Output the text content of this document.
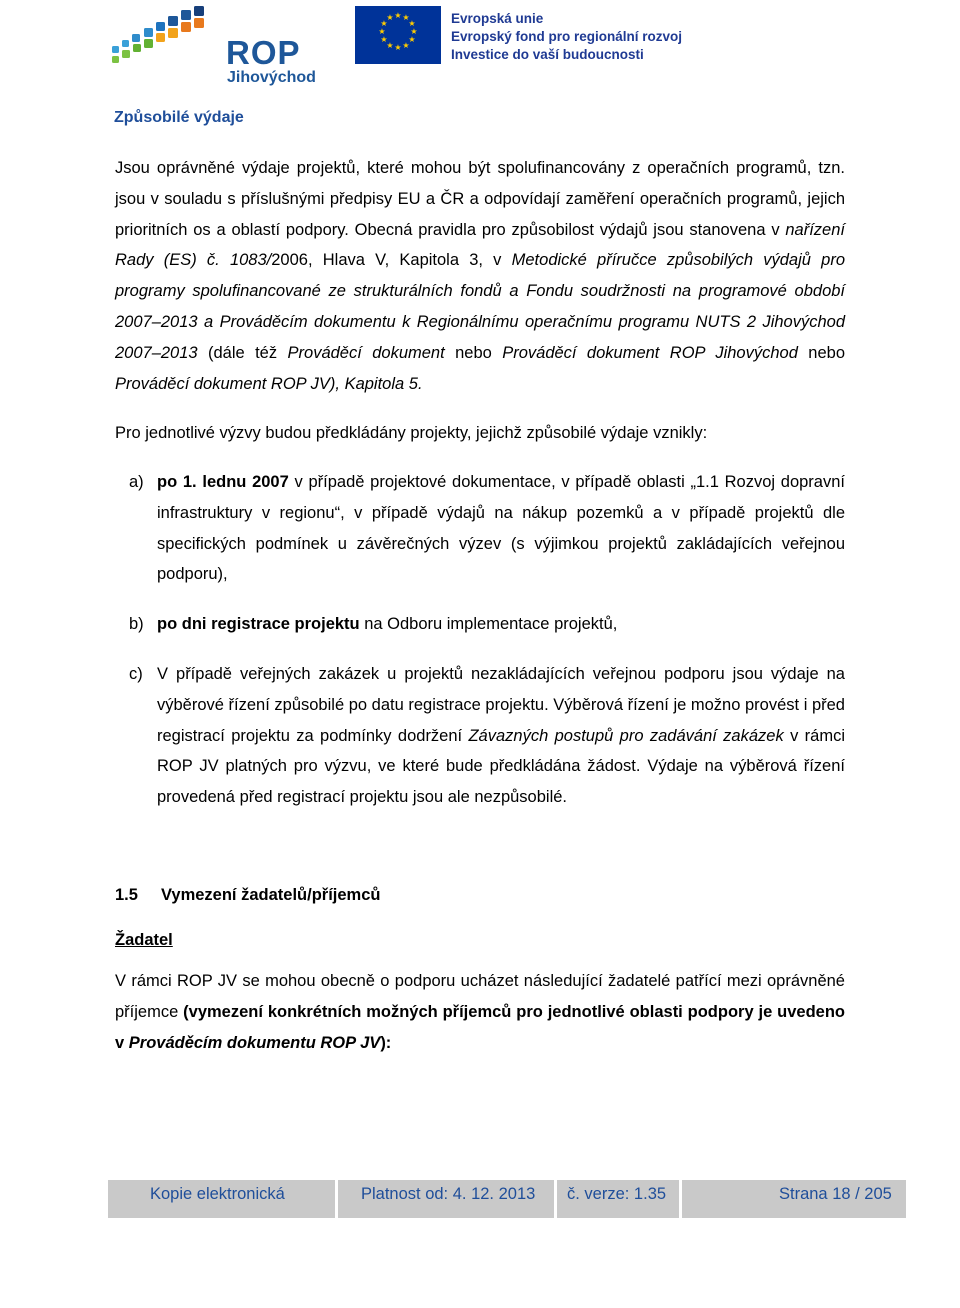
ROP
Jihovýchod
★ ★
★
★
★
★
★
★
★
★
★
★	Evropská unie
Evropský fond pro regionální rozvoj
Investice do vaší budoucnosti
Způsobilé výdaje

Jsou oprávněné výdaje projektů, které mohou být spolufinancovány z operačních programů, tzn. jsou v souladu s příslušnými předpisy EU a ČR a odpovídají zaměření operačních programů, jejich prioritních os a oblastí podpory. Obecná pravidla pro způsobilost výdajů jsou stanovena v nařízení Rady (ES) č. 1083/2006, Hlava V, Kapitola 3, v Metodické příručce způsobilých výdajů pro programy spolufinancované ze strukturálních fondů a Fondu soudržnosti na programové období 2007–2013 a Prováděcím dokumentu k Regionálnímu operačnímu programu NUTS 2 Jihovýchod 2007–2013 (dále též Prováděcí dokument nebo Prováděcí dokument ROP Jihovýchod nebo Prováděcí dokument ROP JV), Kapitola 5.

Pro jednotlivé výzvy budou předkládány projekty, jejichž způsobilé výdaje vznikly:
a) po 1. lednu 2007 v případě projektové dokumentace, v případě oblasti „1.1 Rozvoj dopravní infrastruktury v regionu“, v případě výdajů na nákup pozemků a v případě projektů dle specifických podmínek u závěrečných výzev (s výjimkou projektů zakládajících veřejnou podporu),
b) po dni registrace projektu na Odboru implementace projektů,
c) V případě veřejných zakázek u projektů nezakládajících veřejnou podporu jsou výdaje na výběrové řízení způsobilé po datu registrace projektu. Výběrová řízení je možno provést i před registrací projektu za podmínky dodržení Závazných postupů pro zadávání zakázek v rámci ROP JV platných pro výzvu, ve které bude předkládána žádost. Výdaje na výběrová řízení provedená před registrací projektu jsou ale nezpůsobilé.
1.5 Vymezení žadatelů/příjemců
Žadatel

V rámci ROP JV se mohou obecně o podporu ucházet následující žadatelé patřící mezi oprávněné příjemce (vymezení konkrétních možných příjemců pro jednotlivé oblasti podpory je uvedeno v Prováděcím dokumentu ROP JV):

Kopie elektronická	Platnost od: 4. 12. 2013 č. verze: 1.35	Strana 18 / 205
